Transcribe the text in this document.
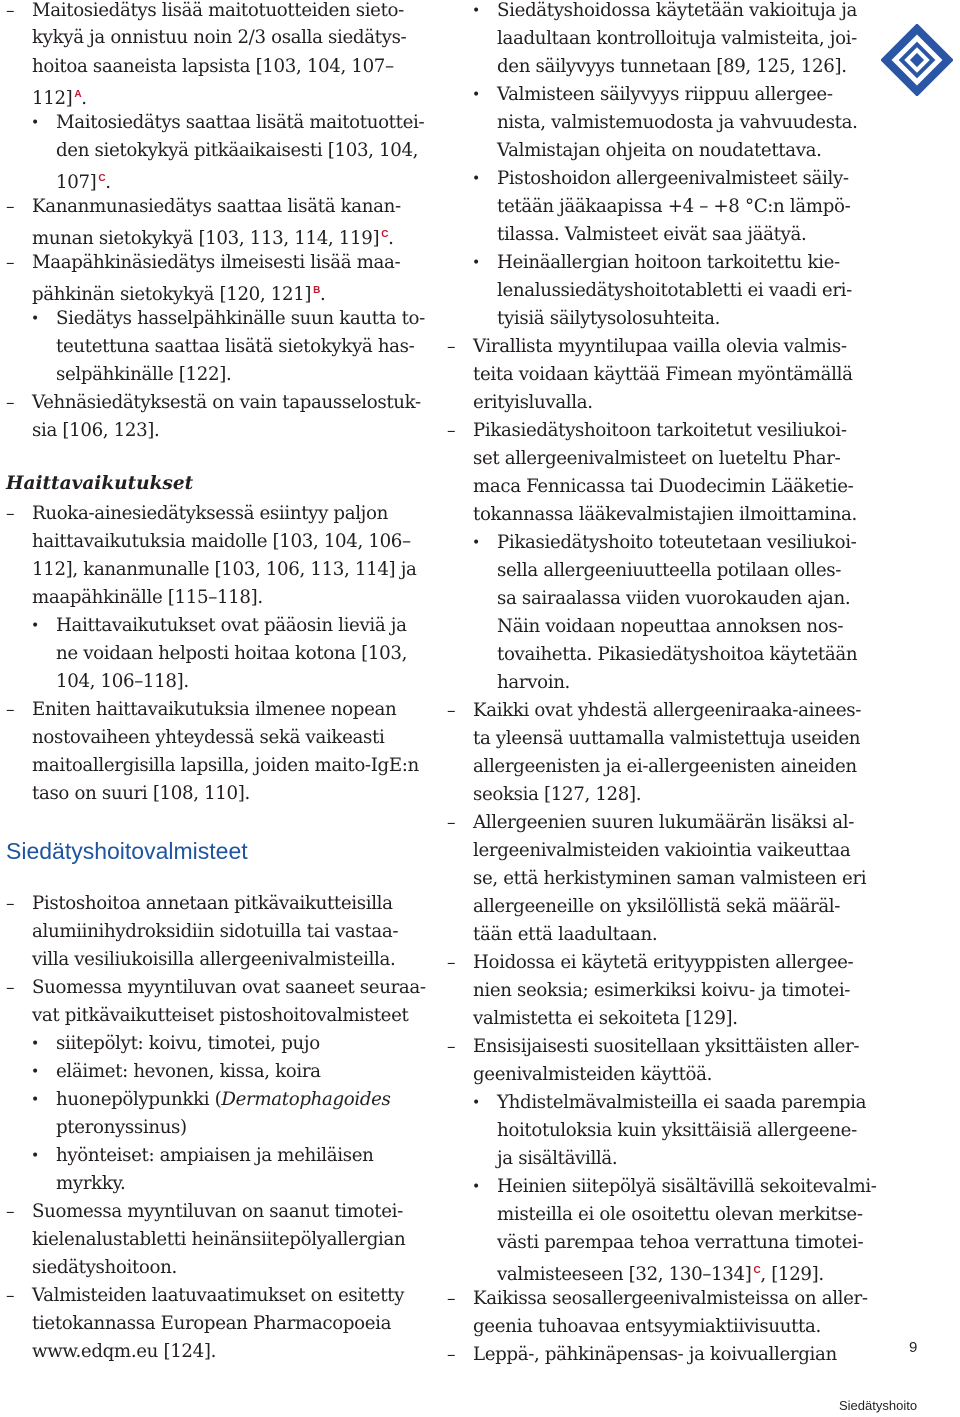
– Maitosiedätys lisää maitotuotteiden sieto-
kykyä ja onnistuu noin 2/3 osalla siedätys-
hoitoa saaneista lapsista [103, 104, 107–
112] $^A$.
• Maitosiedätys saattaa lisätä maitotuottei-
den sietokykyä pitkäaikaisesti [103, 104,
107] $^C$.
– Kananmunasiedätys saattaa lisätä kanan-
munan sietokykyä [103, 113, 114, 119] $^C$.
– Maapähkinäsiedätys ilmeisesti lisää maa-
pähkinän sietokykyä [120, 121] $^B$.
• Siedätys hasselpähkinälle suun kautta to-
teutettuna saattaa lisätä sietokykyä has-
selpähkinälle [122].
– Vehnäsiedätyksestä on vain tapausselostuk-
sia [106, 123].
Haittavaikutukset
– Ruoka-ainesiedätyksessä esiintyy paljon
haittavaikutuksia maidolle [103, 104, 106–
112], kananmunalle [103, 106, 113, 114] ja
maapähkinälle [115–118].
• Haittavaikutukset ovat pääosin lieviä ja
ne voidaan helposti hoitaa kotona [103,
104, 106–118].
– Eniten haittavaikutuksia ilmenee nopean
nostovaiheen yhteydessä sekä vaikeasti
maitoallergisilla lapsilla, joiden maito-IgE:n
taso on suuri [108, 110].
Siedätyshoitovalmisteet
– Pistoshoitoa annetaan pitkävaikutteisilla
alumiinihydroksidiin sidotuilla tai vastaa-
villa vesiliukoisilla allergeenivalmisteilla.
– Suomessa myyntiluvan ovat saaneet seuraa-
vat pitkävaikutteiset pistoshoitovalmisteet
• siitepölyt: koivu, timotei, pujo
• eläimet: hevonen, kissa, koira
• huonepölypunkki (Dermatophagoides
pteronyssinus)
• hyönteiset: ampiaisen ja mehiläisen
myrkky.
– Suomessa myyntiluvan on saanut timotei-
kielenalustabletti heinänsiitepölyallergian
siedätyshoitoon.
– Valmisteiden laatuvaatimukset on esitetty
tietokannassa European Pharmacopoeia
www.edqm.eu [124].
• Siedätyshoidossa käytetään vakioituja ja
laadultaan kontrolloituja valmisteita, joi-
den säilyvyys tunnetaan [89, 125, 126].
• Valmisteen säilyvyys riippuu allergee-
nista, valmistemuodosta ja vahvuudesta.
Valmistajan ohjeita on noudatettava.
• Pistoshoidon allergeenivalmisteet säily-
tetään jääkaapissa +4 – +8 °C:n lämpö-
tilassa. Valmisteet eivät saa jäätyä.
• Heinäallergian hoitoon tarkoitettu kie-
lenalussiedätyshoitotabletti ei vaadi eri-
tyisiä säilytysolosuhteita.
– Virallista myyntilupaa vailla olevia valmis-
teita voidaan käyttää Fimean myöntämällä
erityisluvalla.
– Pikasiedätyshoitoon tarkoitetut vesiliukoi-
set allergeenivalmisteet on lueteltu Phar-
maca Fennicassa tai Duodecimin Lääketie-
tokannassa lääkevalmistajien ilmoittamina.
• Pikasiedätyshoito toteutetaan vesiliukoi-
sella allergeeniuutteella potilaan olles-
sa sairaalassa viiden vuorokauden ajan.
Näin voidaan nopeuttaa annoksen nos-
tovaihetta. Pikasiedätyshoitoa käytetään
harvoin.
– Kaikki ovat yhdestä allergeeniraaka-ainees-
ta yleensä uuttamalla valmistettuja useiden
allergeenisten ja ei-allergeenisten aineiden
seoksia [127, 128].
– Allergeenien suuren lukumäärän lisäksi al-
lergeenivalmisteiden vakiointia vaikeuttaa
se, että herkistyminen saman valmisteen eri
allergeeneille on yksilöllistä sekä määräl-
tään että laadultaan.
– Hoidossa ei käytetä erityyppisten allergee-
nien seoksia; esimerkiksi koivu- ja timotei-
valmistetta ei sekoiteta [129].
– Ensisijaisesti suositellaan yksittäisten aller-
geenivalmisteiden käyttöä.
• Yhdistelmävalmisteilla ei saada parempia
hoitotuloksia kuin yksittäisiä allergeene-
ja sisältävillä.
• Heinien siitepölyä sisältävillä sekoitevalmi-
misteilla ei ole osoitettu olevan merkitse-
västi parempaa tehoa verrattuna timotei-
valmisteeseen [32, 130–134] $^C$, [129].
– Kaikissa seosallergeenivalmisteissa on aller-
geenia tuhoavaa entsyymiaktiivisuutta.
– Leppä-, pähkinäpensas- ja koivuallergian	9
Siedätyshoito
